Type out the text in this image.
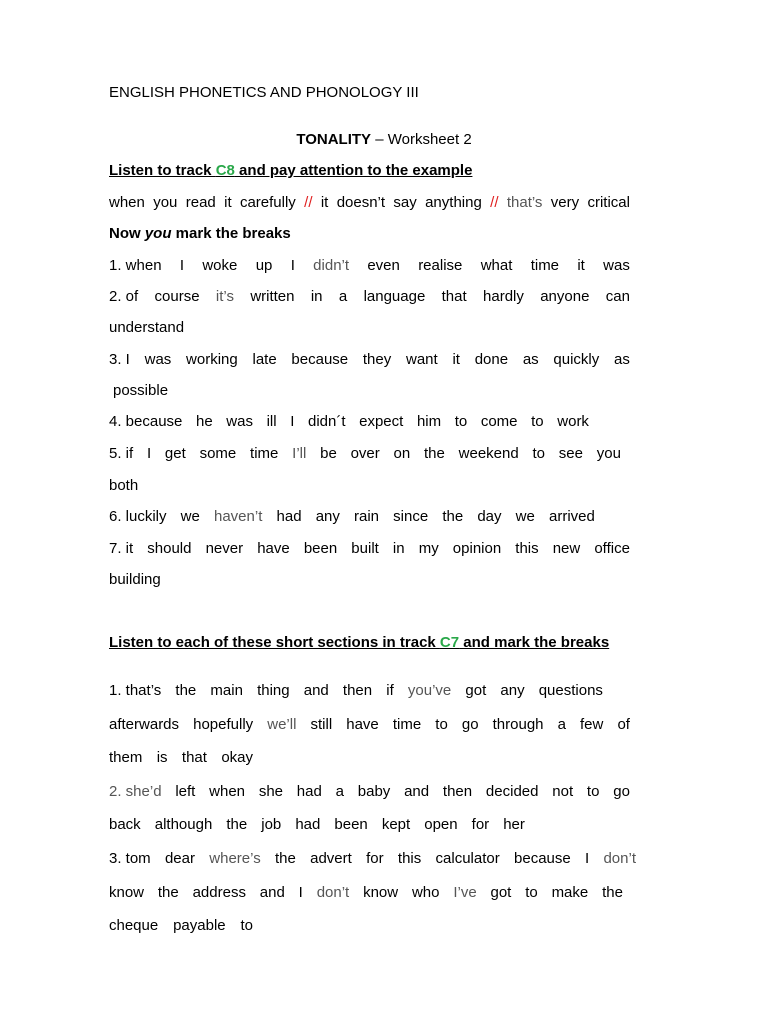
ENGLISH PHONETICS AND PHONOLOGY III
TONALITY – Worksheet 2
Listen to track C8 and pay attention to the example
when you read it carefully // it doesn’t say anything // that’s very critical
Now you mark the breaks
1. when I woke up I didn’t even realise what time it was
2. of course it’s written in a language that hardly anyone can
understand
3. I was working late because they want it done as quickly as
possible
4. because he was ill I didn´t expect him to come to work
5. if I get some time I’ll be over on the weekend to see you
both
6. luckily we haven’t had any rain since the day we arrived
7. it should never have been built in my opinion this new office
building
Listen to each of these short sections in track C7 and mark the breaks
1. that’s the main thing and then if you’ve got any questions
afterwards hopefully we’ll still have time to go through a few of
them is that okay
2. she’d left when she had a baby and then decided not to go
back although the job had been kept open for her
3. tom dear where’s the advert for this calculator because I don’t
know the address and I don’t know who I’ve got to make the
cheque payable to
